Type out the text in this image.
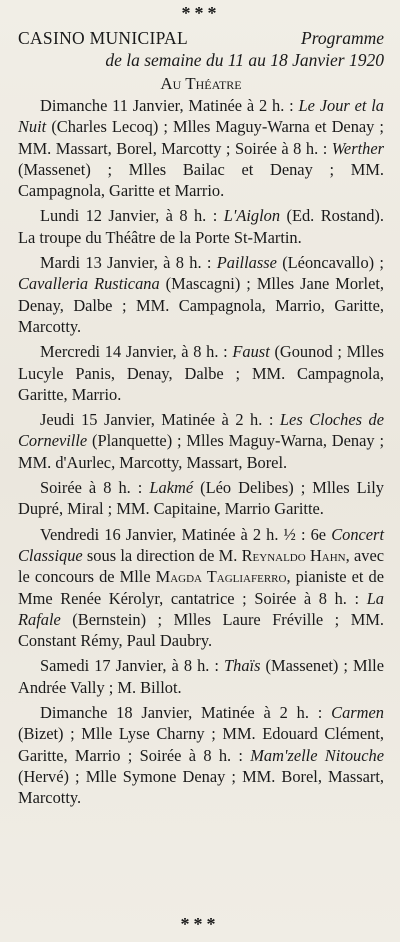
***
CASINO MUNICIPAL	Programme
de la semaine du 11 au 18 Janvier 1920
Au Théatre

Dimanche 11 Janvier, Matinée à 2 h. : Le Jour et la Nuit (Charles Lecoq) ; Mlles Maguy-Warna et Denay ; MM. Massart, Borel, Marcotty ; Soirée à 8 h. : Werther (Massenet) ; Mlles Bailac et Denay ; MM. Campagnola, Garitte et Marrio.

Lundi 12 Janvier, à 8 h. : L'Aiglon (Ed. Rostand). La troupe du Théâtre de la Porte St-Martin.

Mardi 13 Janvier, à 8 h. : Paillasse (Léoncavallo) ; Cavalleria Rusticana (Mascagni) ; Mlles Jane Morlet, Denay, Dalbe ; MM. Campagnola, Marrio, Garitte, Marcotty.

Mercredi 14 Janvier, à 8 h. : Faust (Gounod ; Mlles Lucyle Panis, Denay, Dalbe ; MM. Campagnola, Garitte, Marrio.

Jeudi 15 Janvier, Matinée à 2 h. : Les Cloches de Corneville (Planquette) ; Mlles Maguy-Warna, Denay ; MM. d'Aurlec, Marcotty, Massart, Borel.

Soirée à 8 h. : Lakmé (Léo Delibes) ; Mlles Lily Dupré, Miral ; MM. Capitaine, Marrio Garitte.

Vendredi 16 Janvier, Matinée à 2 h. ½ : 6e Concert Classique sous la direction de M. Reynaldo Hahn, avec le concours de Mlle Magda Tagliaferro, pianiste et de Mme Renée Kérolyr, cantatrice ; Soirée à 8 h. : La Rafale (Bernstein) ; Mlles Laure Fréville ; MM. Constant Rémy, Paul Daubry.

Samedi 17 Janvier, à 8 h. : Thaïs (Massenet) ; Mlle Andrée Vally ; M. Billot.

Dimanche 18 Janvier, Matinée à 2 h. : Carmen (Bizet) ; Mlle Lyse Charny ; MM. Edouard Clément, Garitte, Marrio ; Soirée à 8 h. : Mam'zelle Nitouche (Hervé) ; Mlle Symone Denay ; MM. Borel, Massart, Marcotty.

***
